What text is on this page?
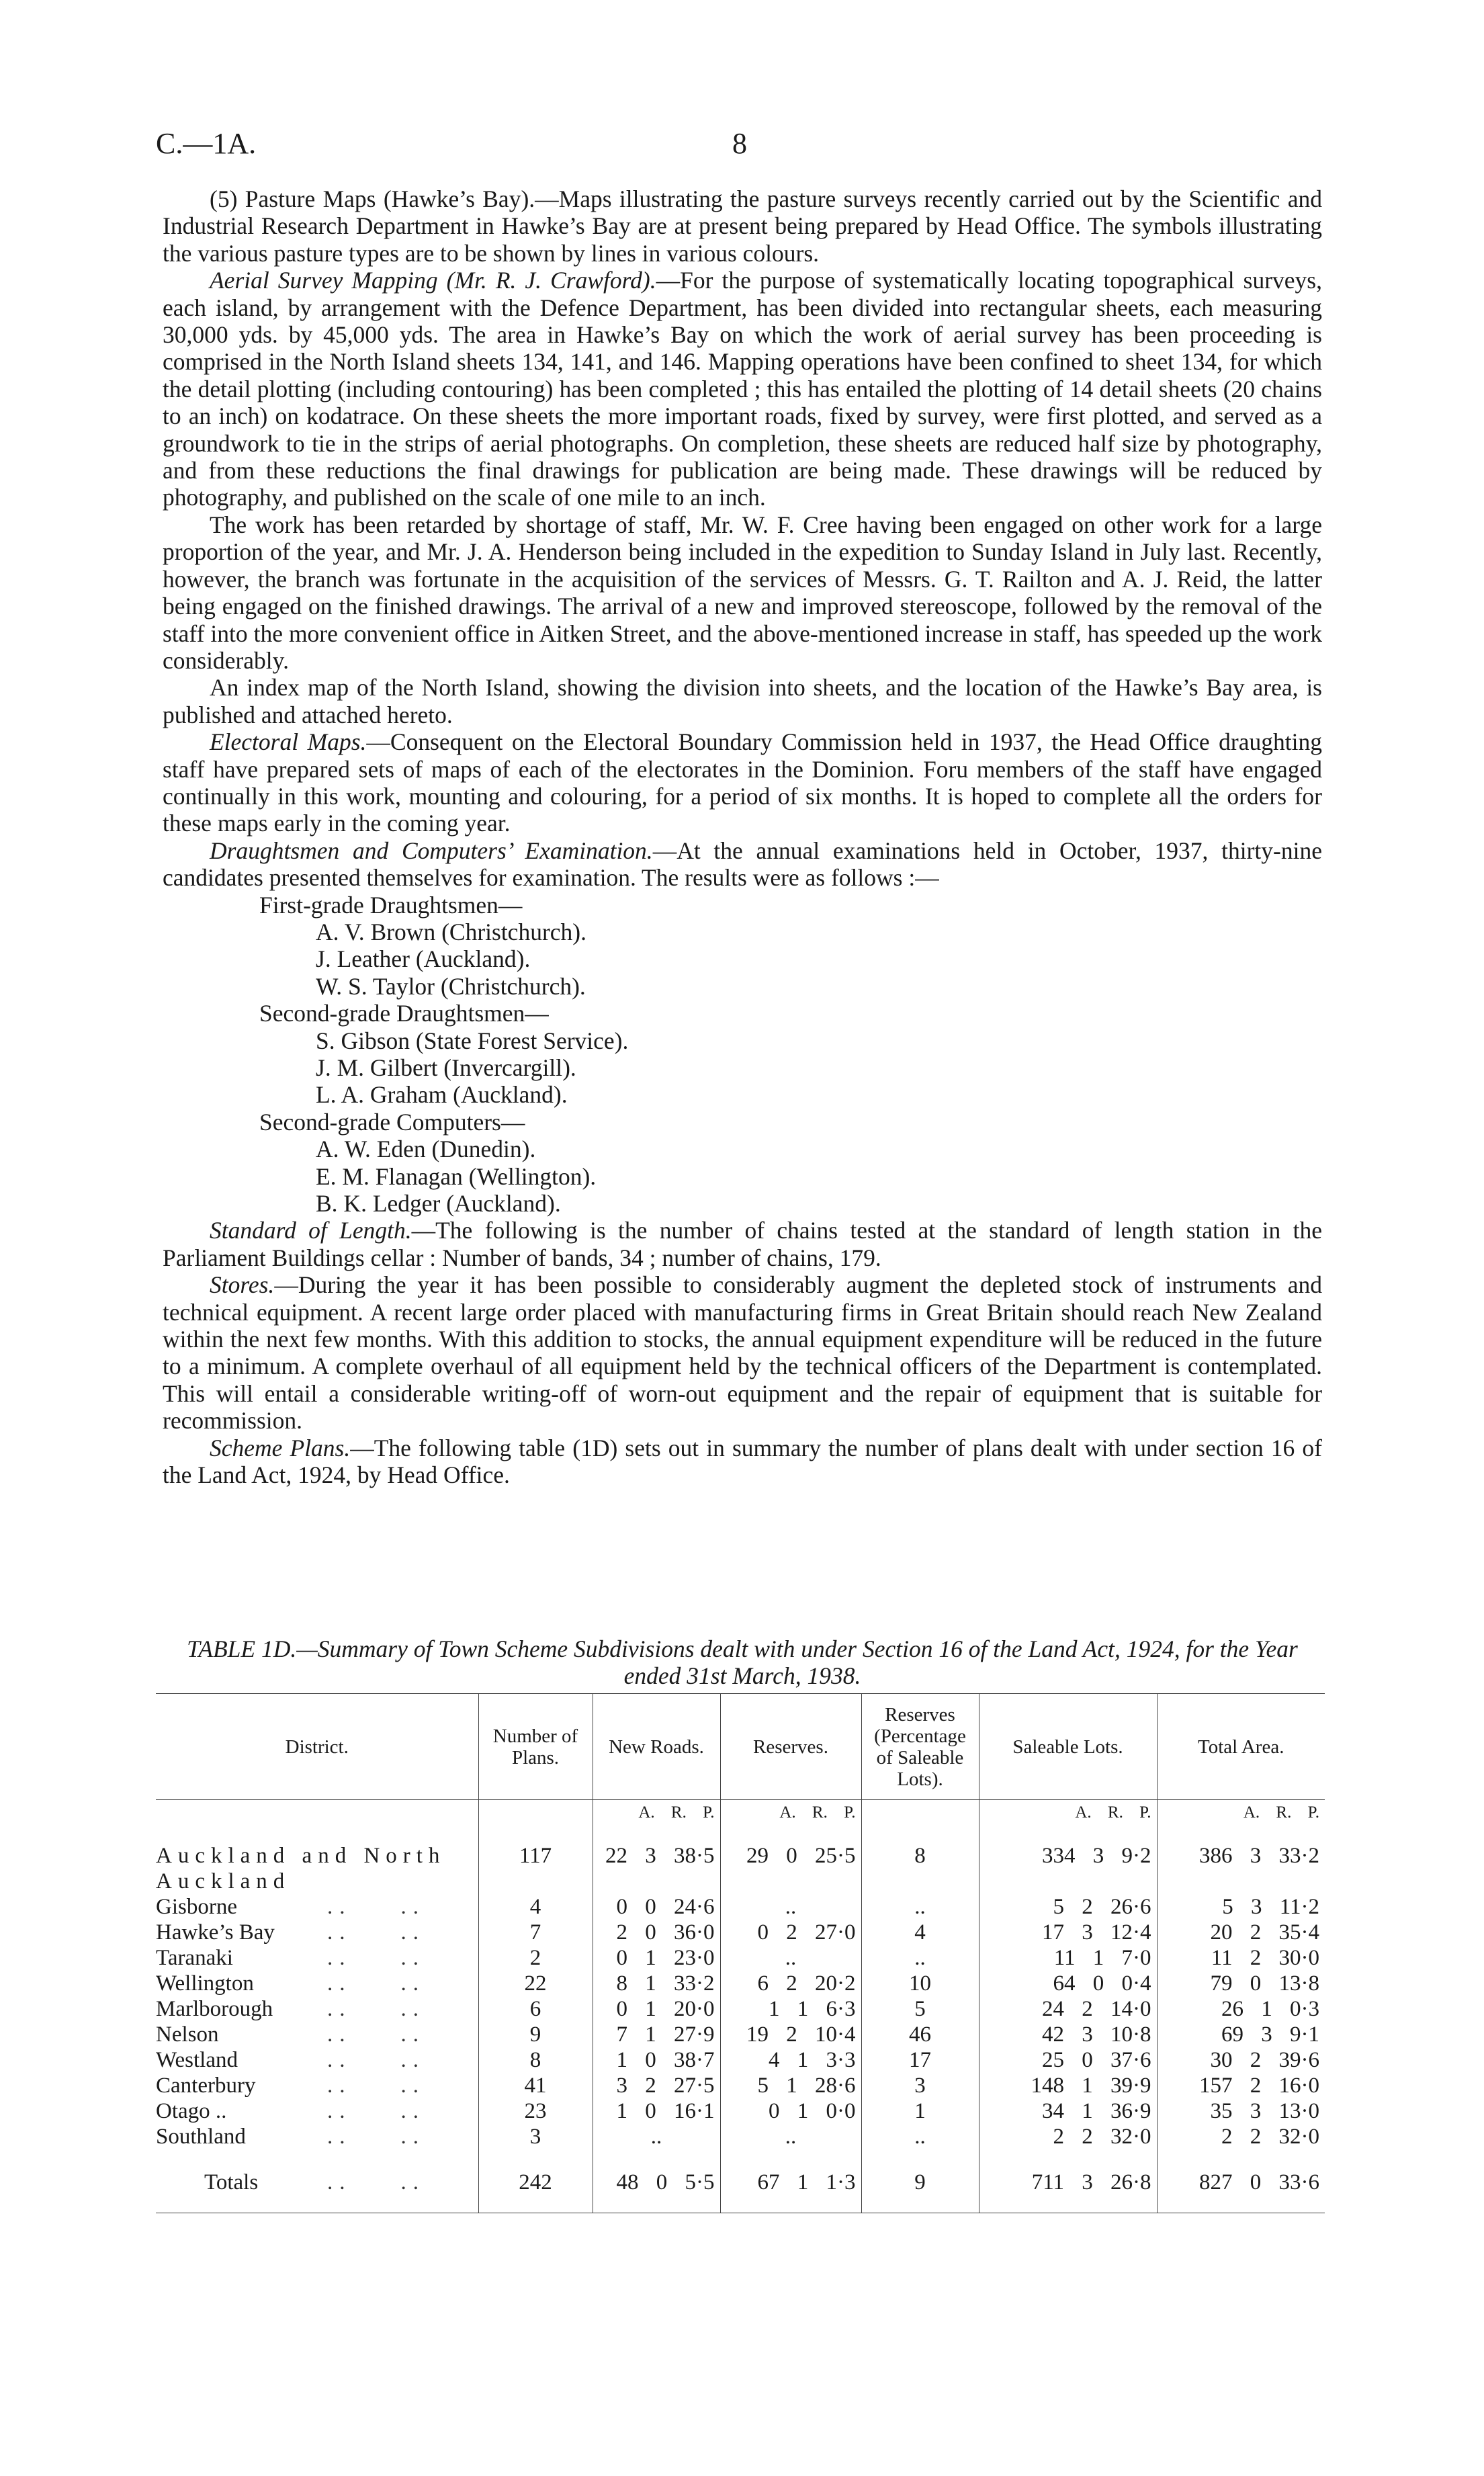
C.—1A.	8

(5) Pasture Maps (Hawke’s Bay).—Maps illustrating the pasture surveys recently carried out by the Scientific and Industrial Research Department in Hawke’s Bay are at present being prepared by Head Office. The symbols illustrating the various pasture types are to be shown by lines in various colours.

Aerial Survey Mapping (Mr. R. J. Crawford).—For the purpose of systematically locating topographical surveys, each island, by arrangement with the Defence Department, has been divided into rectangular sheets, each measuring 30,000 yds. by 45,000 yds. The area in Hawke’s Bay on which the work of aerial survey has been proceeding is comprised in the North Island sheets 134, 141, and 146. Mapping operations have been confined to sheet 134, for which the detail plotting (including contouring) has been completed ; this has entailed the plotting of 14 detail sheets (20 chains to an inch) on kodatrace. On these sheets the more important roads, fixed by survey, were first plotted, and served as a groundwork to tie in the strips of aerial photographs. On completion, these sheets are reduced half size by photography, and from these reductions the final drawings for publication are being made. These drawings will be reduced by photography, and published on the scale of one mile to an inch.

The work has been retarded by shortage of staff, Mr. W. F. Cree having been engaged on other work for a large proportion of the year, and Mr. J. A. Henderson being included in the expedition to Sunday Island in July last. Recently, however, the branch was fortunate in the acquisition of the services of Messrs. G. T. Railton and A. J. Reid, the latter being engaged on the finished drawings. The arrival of a new and improved stereoscope, followed by the removal of the staff into the more convenient office in Aitken Street, and the above-mentioned increase in staff, has speeded up the work considerably.

An index map of the North Island, showing the division into sheets, and the location of the Hawke’s Bay area, is published and attached hereto.

Electoral Maps.—Consequent on the Electoral Boundary Commission held in 1937, the Head Office draughting staff have prepared sets of maps of each of the electorates in the Dominion. Foru members of the staff have engaged continually in this work, mounting and colouring, for a period of six months. It is hoped to complete all the orders for these maps early in the coming year.

Draughtsmen and Computers’ Examination.—At the annual examinations held in October, 1937, thirty-nine candidates presented themselves for examination. The results were as follows :—

First-grade Draughtsmen—
A. V. Brown (Christchurch).
J. Leather (Auckland).
W. S. Taylor (Christchurch).
Second-grade Draughtsmen—
S. Gibson (State Forest Service).
J. M. Gilbert (Invercargill).
L. A. Graham (Auckland).
Second-grade Computers—
A. W. Eden (Dunedin).
E. M. Flanagan (Wellington).
B. K. Ledger (Auckland).

Standard of Length.—The following is the number of chains tested at the standard of length station in the Parliament Buildings cellar : Number of bands, 34 ; number of chains, 179.

Stores.—During the year it has been possible to considerably augment the depleted stock of instruments and technical equipment. A recent large order placed with manufacturing firms in Great Britain should reach New Zealand within the next few months. With this addition to stocks, the annual equipment expenditure will be reduced in the future to a minimum. A complete overhaul of all equipment held by the technical officers of the Department is contemplated. This will entail a considerable writing-off of worn-out equipment and the repair of equipment that is suitable for recommission.

Scheme Plans.—The following table (1D) sets out in summary the number of plans dealt with under section 16 of the Land Act, 1924, by Head Office.

TABLE 1D.—Summary of Town Scheme Subdivisions dealt with under Section 16 of the Land Act, 1924, for the Year ended 31st March, 1938.
District.	Number of Plans.	New Roads.	Reserves.	Reserves (Percentage of Saleable Lots).	Saleable Lots.	Total Area.
		A. R. P.	A. R. P.		A. R. P.	A. R. P.
Auckland and North Auckland	117	22 3 38·5	29 0 25·5	8	334 3 9·2	386 3 33·2

Gisborne ..    ..	4	0 0 24·6	..	..	5 2 26·6	5 3 11·2

Hawke’s Bay ..    ..	7	2 0 36·0	0 2 27·0	4	17 3 12·4	20 2 35·4

Taranaki ..    ..	2	0 1 23·0	..	..	11 1 7·0	11 2 30·0

Wellington ..    ..	22	8 1 33·2	6 2 20·2	10	64 0 0·4	79 0 13·8

Marlborough ..    ..	6	0 1 20·0	1 1 6·3	5	24 2 14·0	26 1 0·3

Nelson ..    ..	9	7 1 27·9	19 2 10·4	46	42 3 10·8	69 3 9·1

Westland ..    ..	8	1 0 38·7	4 1 3·3	17	25 0 37·6	30 2 39·6

Canterbury ..    ..	41	3 2 27·5	5 1 28·6	3	148 1 39·9	157 2 16·0

Otago .. ..    ..	23	1 0 16·1	0 1 0·0	1	34 1 36·9	35 3 13·0

Southland ..    ..	3	..	..	..	2 2 32·0	2 2 32·0

Totals ..    ..	242	48 0 5·5	67 1 1·3	9	711 3 26·8	827 0 33·6
